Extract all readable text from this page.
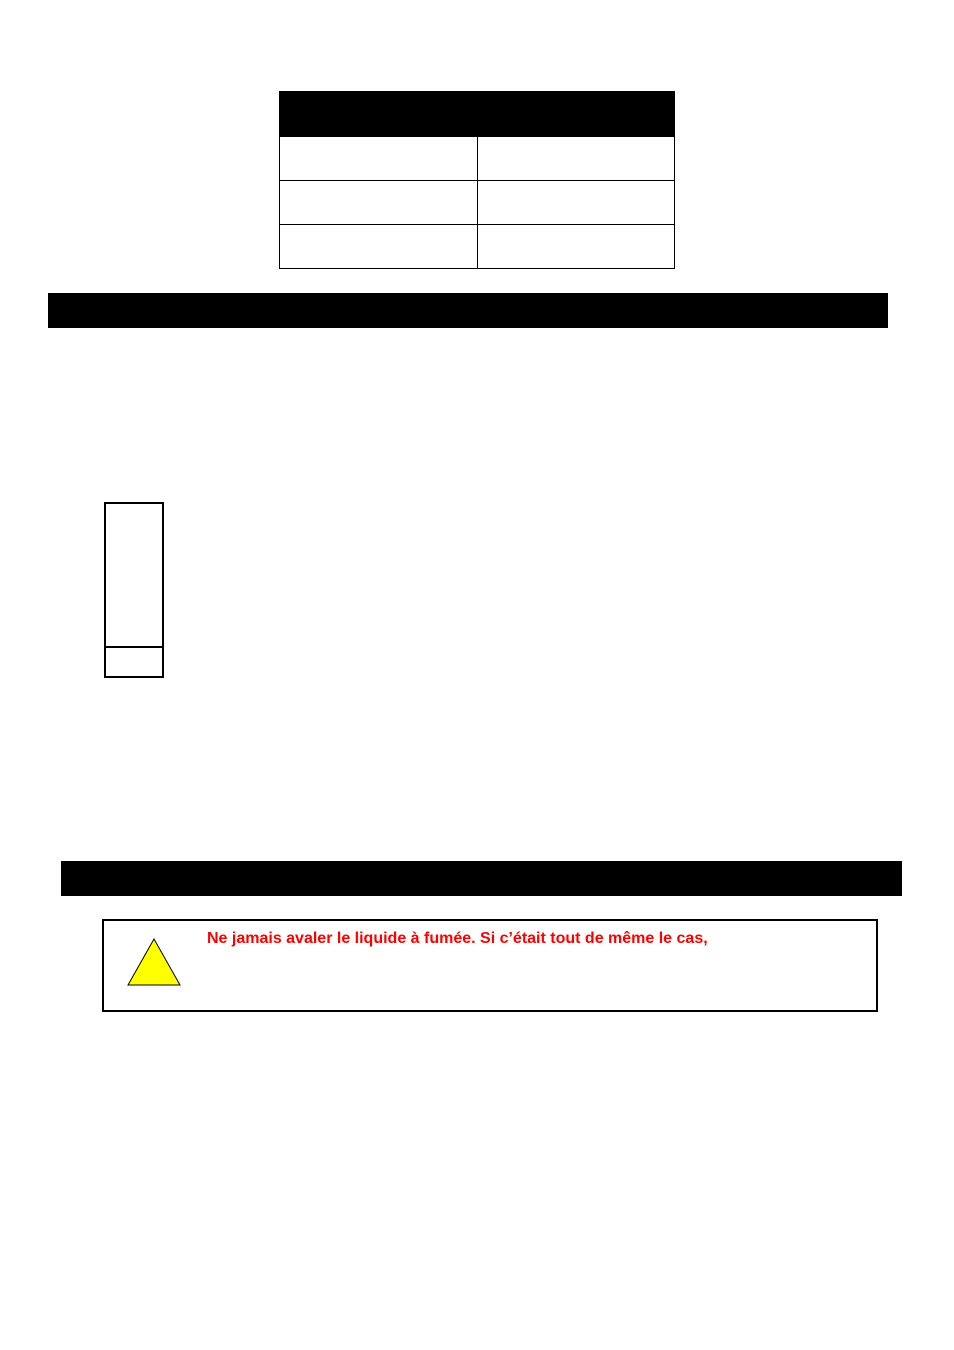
Ne jamais avaler le liquide à fumée. Si c’était tout de même le cas,
